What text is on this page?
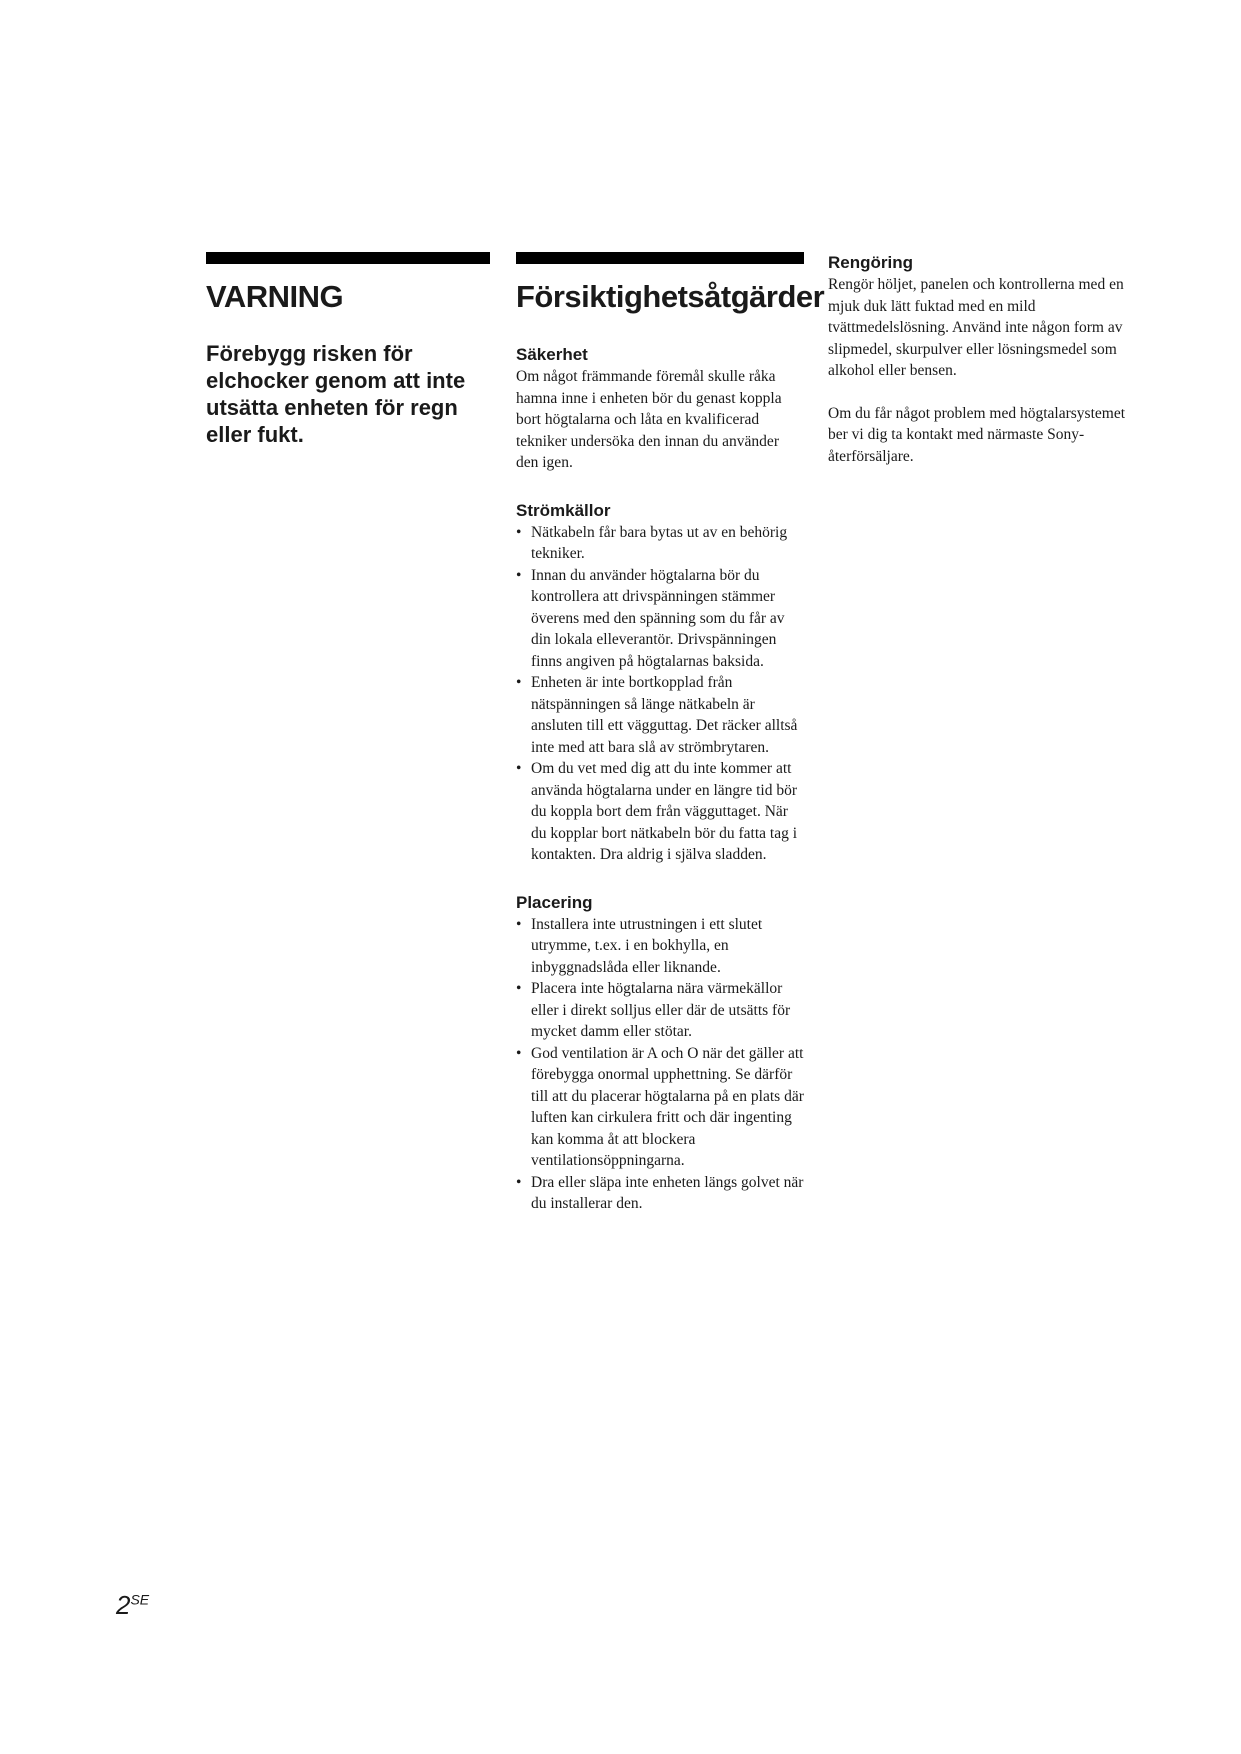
VARNING
Förebygg risken för elchocker genom att inte utsätta enheten för regn eller fukt.
Försiktighetsåtgärder
Säkerhet

Om något främmande föremål skulle råka hamna inne i enheten bör du genast koppla bort högtalarna och låta en kvalificerad tekniker undersöka den innan du använder den igen.

Strömkällor
• Nätkabeln får bara bytas ut av en behörig tekniker.
• Innan du använder högtalarna bör du kontrollera att drivspänningen stämmer överens med den spänning som du får av din lokala elleverantör. Drivspänningen finns angiven på högtalarnas baksida.
• Enheten är inte bortkopplad från nätspänningen så länge nätkabeln är ansluten till ett vägguttag. Det räcker alltså inte med att bara slå av strömbrytaren.
• Om du vet med dig att du inte kommer att använda högtalarna under en längre tid bör du koppla bort dem från vägguttaget. När du kopplar bort nätkabeln bör du fatta tag i kontakten. Dra aldrig i själva sladden.
Placering
• Installera inte utrustningen i ett slutet utrymme, t.ex. i en bokhylla, en inbyggnadslåda eller liknande.
• Placera inte högtalarna nära värmekällor eller i direkt solljus eller där de utsätts för mycket damm eller stötar.
• God ventilation är A och O när det gäller att förebygga onormal upphettning. Se därför till att du placerar högtalarna på en plats där luften kan cirkulera fritt och där ingenting kan komma åt att blockera ventilationsöppningarna.
• Dra eller släpa inte enheten längs golvet när du installerar den.
Rengöring

Rengör höljet, panelen och kontrollerna med en mjuk duk lätt fuktad med en mild tvättmedelslösning. Använd inte någon form av slipmedel, skurpulver eller lösningsmedel som alkohol eller bensen.

Om du får något problem med högtalarsystemet ber vi dig ta kontakt med närmaste Sony-återförsäljare.

$2^{SE}$
